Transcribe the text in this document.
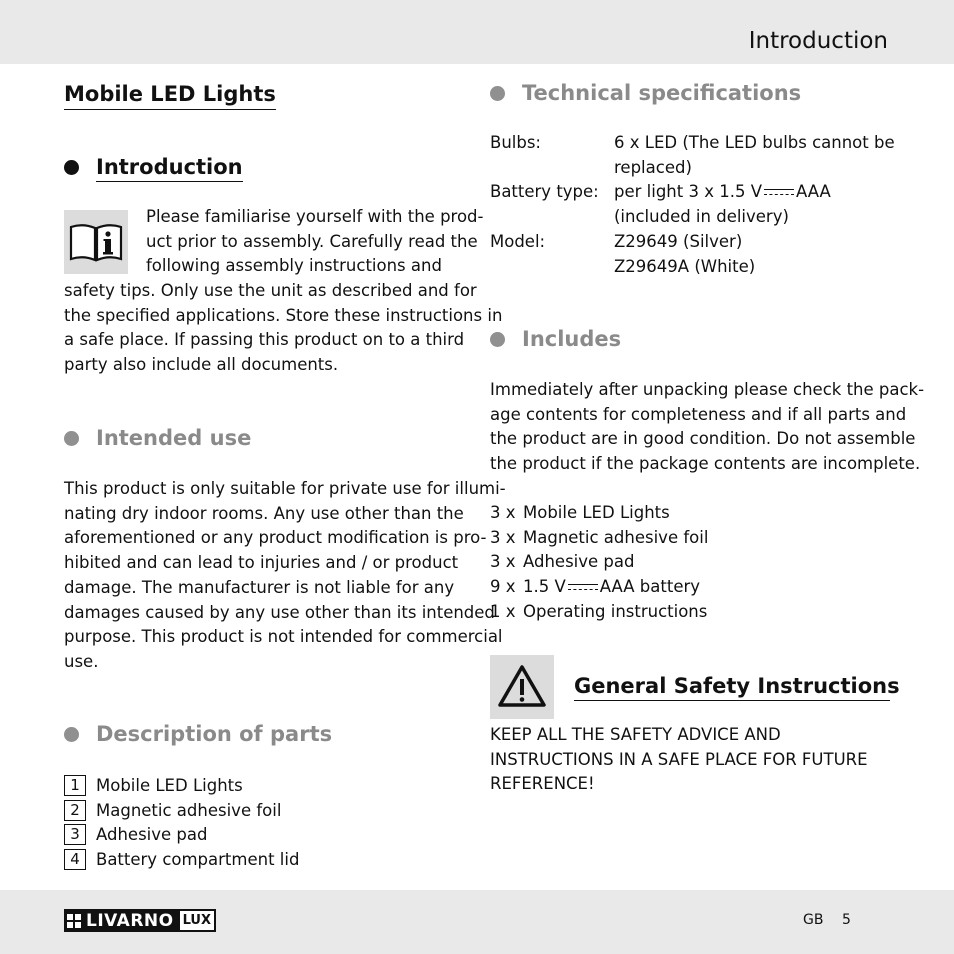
Introduction
Mobile LED Lights
Introduction
Please familiarise yourself with the prod-
uct prior to assembly. Carefully read the
following assembly instructions and
safety tips. Only use the unit as described and for
the specified applications. Store these instructions in
a safe place. If passing this product on to a third
party also include all documents.
Intended use
This product is only suitable for private use for illumi-
nating dry indoor rooms. Any use other than the
aforementioned or any product modification is pro-
hibited and can lead to injuries and / or product
damage. The manufacturer is not liable for any
damages caused by any use other than its intended
purpose. This product is not intended for commercial
use.
Description of parts
1 Mobile LED Lights
2 Magnetic adhesive foil
3 Adhesive pad
4 Battery compartment lid
Technical specifications
Bulbs:	6 x LED (The LED bulbs cannot be
replaced)
Battery type: per light 3 x 1.5 V AAA
(included in delivery)
Model:	Z29649 (Silver)
Z29649A (White)
Includes
Immediately after unpacking please check the pack-
age contents for completeness and if all parts and
the product are in good condition. Do not assemble
the product if the package contents are incomplete.
3 x Mobile LED Lights
3 x Magnetic adhesive foil
3 x Adhesive pad
9 x 1.5 V AAA battery
1 x Operating instructions
General Safety Instructions
KEEP ALL THE SAFETY ADVICE AND
INSTRUCTIONS IN A SAFE PLACE FOR FUTURE
REFERENCE!
LIVARNO LUX	GB 5
